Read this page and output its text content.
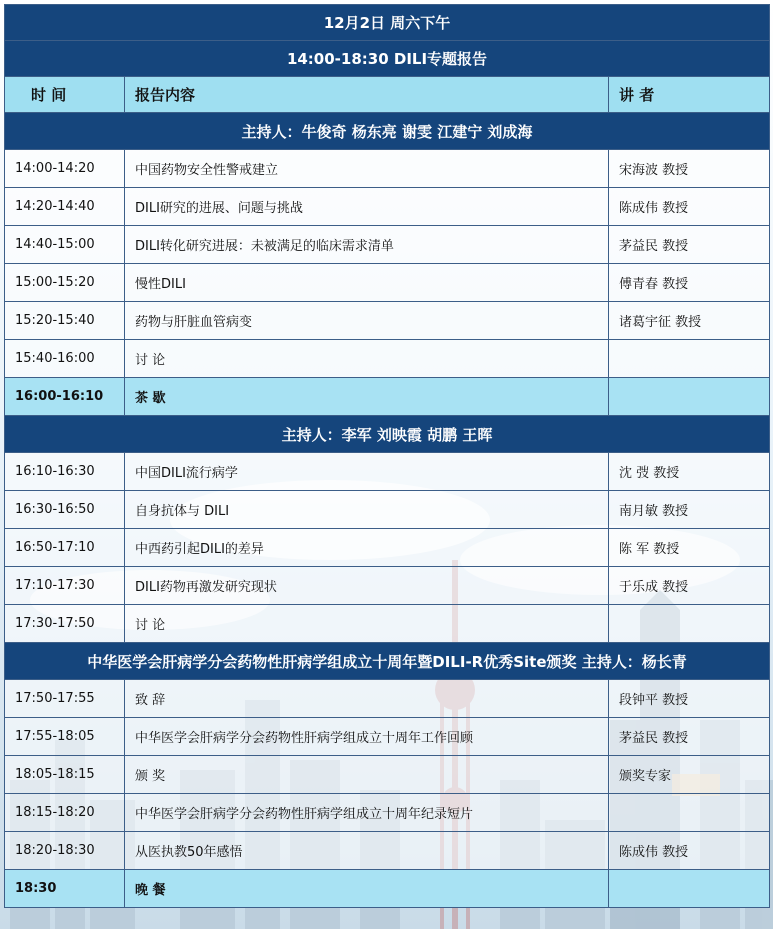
12月2日 周六下午		
14:00-18:30 DILI专题报告		
时 间	报告内容	讲 者
主持人：牛俊奇 杨东亮 谢雯 江建宁 刘成海		
14:00-14:20	中国药物安全性警戒建立	宋海波 教授
14:20-14:40	DILI研究的进展、问题与挑战	陈成伟 教授
14:40-15:00	DILI转化研究进展：未被满足的临床需求清单	茅益民 教授
15:00-15:20	慢性DILI	傅青春 教授
15:20-15:40	药物与肝脏血管病变	诸葛宇征 教授
15:40-16:00	讨 论	
16:00-16:10	茶 歇	
主持人：李军 刘映霞 胡鹏 王晖		
16:10-16:30	中国DILI流行病学	沈 弢 教授
16:30-16:50	自身抗体与 DILI	南月敏 教授
16:50-17:10	中西药引起DILI的差异	陈 军 教授
17:10-17:30	DILI药物再激发研究现状	于乐成 教授
17:30-17:50	讨 论	
中华医学会肝病学分会药物性肝病学组成立十周年暨DILI-R优秀Site颁奖 主持人：杨长青		
17:50-17:55	致 辞	段钟平 教授
17:55-18:05	中华医学会肝病学分会药物性肝病学组成立十周年工作回顾	茅益民 教授
18:05-18:15	颁 奖	颁奖专家
18:15-18:20	中华医学会肝病学分会药物性肝病学组成立十周年纪录短片	
18:20-18:30	从医执教50年感悟	陈成伟 教授
18:30	晚 餐	
